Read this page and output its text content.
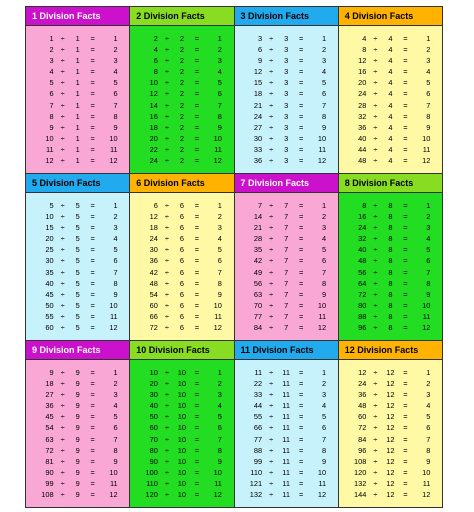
1 Division Facts
1 ÷	1	=	1
2 ÷	1	=	2
3 ÷	1	=	3
4 ÷	1	=	4
5 ÷	1	=	5
6 ÷	1	=	6
7 ÷	1	=	7
8 ÷	1	=	8
9 ÷	1	=	9
10 ÷	1	=	10
11 ÷	1	=	11
12 ÷	1	=	12
2 Division Facts
2 ÷	2	=	1
4 ÷	2	=	2
6 ÷	2	=	3
8 ÷	2	=	4
10 ÷	2	=	5
12 ÷	2	=	6
14 ÷	2	=	7
16 ÷	2	=	8
18 ÷	2	=	9
20 ÷	2	=	10
22 ÷	2	=	11
24 ÷	2	=	12
3 Division Facts
3 ÷	3	=	1
6 ÷	3	=	2
9 ÷	3	=	3
12 ÷	3	=	4
15 ÷	3	=	5
18 ÷	3	=	6
21 ÷	3	=	7
24 ÷	3	=	8
27 ÷	3	=	9
30 ÷	3	=	10
33 ÷	3	=	11
36 ÷	3	=	12
4 Division Facts
4 ÷	4	=	1
8 ÷	4	=	2
12 ÷	4	=	3
16 ÷	4	=	4
20 ÷	4	=	5
24 ÷	4	=	6
28 ÷	4	=	7
32 ÷	4	=	8
36 ÷	4	=	9
40 ÷	4	=	10
44 ÷	4	=	11
48 ÷	4	=	12
5 Division Facts
5 ÷	5	=	1
10 ÷	5	=	2
15 ÷	5	=	3
20 ÷	5	=	4
25 ÷	5	=	5
30 ÷	5	=	6
35 ÷	5	=	7
40 ÷	5	=	8
45 ÷	5	=	9
50 ÷	5	=	10
55 ÷	5	=	11
60 ÷	5	=	12
6 Division Facts
6 ÷	6	=	1
12 ÷	6	=	2
18 ÷	6	=	3
24 ÷	6	=	4
30 ÷	6	=	5
36 ÷	6	=	6
42 ÷	6	=	7
48 ÷	6	=	8
54 ÷	6	=	9
60 ÷	6	=	10
66 ÷	6	=	11
72 ÷	6	=	12
7 Division Facts
7 ÷	7	=	1
14 ÷	7	=	2
21 ÷	7	=	3
28 ÷	7	=	4
35 ÷	7	=	5
42 ÷	7	=	6
49 ÷	7	=	7
56 ÷	7	=	8
63 ÷	7	=	9
70 ÷	7	=	10
77 ÷	7	=	11
84 ÷	7	=	12
8 Division Facts
8 ÷	8	=	1
16 ÷	8	=	2
24 ÷	8	=	3
32 ÷	8	=	4
40 ÷	8	=	5
48 ÷	8	=	6
56 ÷	8	=	7
64 ÷	8	=	8
72 ÷	8	=	9
80 ÷	8	=	10
88 ÷	8	=	11
96 ÷	8	=	12
9 Division Facts
9 ÷	9	=	1
18 ÷	9	=	2
27 ÷	9	=	3
36 ÷	9	=	4
45 ÷	9	=	5
54 ÷	9	=	6
63 ÷	9	=	7
72 ÷	9	=	8
81 ÷	9	=	9
90 ÷	9	=	10
99 ÷	9	=	11
108 ÷	9	=	12
10 Division Facts
10 ÷	10	=	1
20 ÷	10	=	2
30 ÷	10	=	3
40 ÷	10	=	4
50 ÷	10	=	5
60 ÷	10	=	6
70 ÷	10	=	7
80 ÷	10	=	8
90 ÷	10	=	9
100 ÷	10	=	10
110 ÷	10	=	11
120 ÷	10	=	12
11 Division Facts
11 ÷	11	=	1
22 ÷	11	=	2
33 ÷	11	=	3
44 ÷	11	=	4
55 ÷	11	=	5
66 ÷	11	=	6
77 ÷	11	=	7
88 ÷	11	=	8
99 ÷	11	=	9
110 ÷	11	=	10
121 ÷	11	=	11
132 ÷	11	=	12
12 Division Facts
12 ÷	12	=	1
24 ÷	12	=	2
36 ÷	12	=	3
48 ÷	12	=	4
60 ÷	12	=	5
72 ÷	12	=	6
84 ÷	12	=	7
96 ÷	12	=	8
108 ÷	12	=	9
120 ÷	12	=	10
132 ÷	12	=	11
144 ÷	12	=	12
